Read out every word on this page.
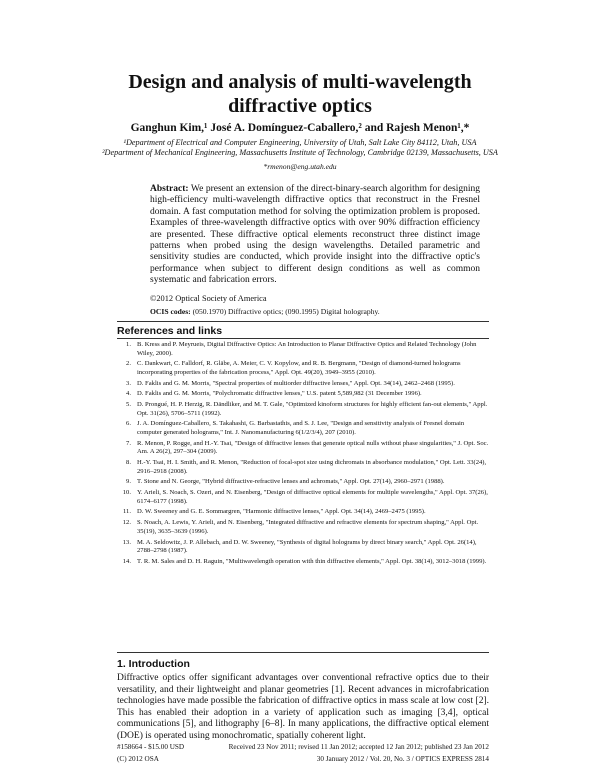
Design and analysis of multi-wavelength
diffractive optics
Ganghun Kim,¹ José A. Domínguez-Caballero,² and Rajesh Menon¹,*
¹Department of Electrical and Computer Engineering, University of Utah, Salt Lake City 84112, Utah, USA
²Department of Mechanical Engineering, Massachusetts Institute of Technology, Cambridge 02139, Massachusetts, USA
*rmenon@eng.utah.edu
Abstract: We present an extension of the direct-binary-search algorithm for designing high-efficiency multi-wavelength diffractive optics that reconstruct in the Fresnel domain. A fast computation method for solving the optimization problem is proposed. Examples of three-wavelength diffractive optics with over 90% diffraction efficiency are presented. These diffractive optical elements reconstruct three distinct image patterns when probed using the design wavelengths. Detailed parametric and sensitivity studies are conducted, which provide insight into the diffractive optic's performance when subject to different design conditions as well as common systematic and fabrication errors.
©2012 Optical Society of America
OCIS codes: (050.1970) Diffractive optics; (090.1995) Digital holography.
References and links
1. B. Kress and P. Meyrueis, Digital Diffractive Optics: An Introduction to Planar Diffractive Optics and Related Technology (John Wiley, 2000).
2. C. Dankwart, C. Falldorf, R. Gläbe, A. Meier, C. V. Kopylow, and R. B. Bergmann, "Design of diamond-turned holograms incorporating properties of the fabrication process," Appl. Opt. 49(20), 3949–3955 (2010).
3. D. Faklis and G. M. Morris, "Spectral properties of multiorder diffractive lenses," Appl. Opt. 34(14), 2462–2468 (1995).
4. D. Faklis and G. M. Morris, "Polychromatic diffractive lenses," U.S. patent 5,589,982 (31 December 1996).
5. D. Prongué, H. P. Herzig, R. Dändliker, and M. T. Gale, "Optimized kinoform structures for highly efficient fan-out elements," Appl. Opt. 31(26), 5706–5711 (1992).
6. J. A. Domínguez-Caballero, S. Takahashi, G. Barbastathis, and S. J. Lee, "Design and sensitivity analysis of Fresnel domain computer generated holograms," Int. J. Nanomanufacturing 6(1/2/3/4), 207 (2010).
7. R. Menon, P. Rogge, and H.-Y. Tsai, "Design of diffractive lenses that generate optical nulls without phase singularities," J. Opt. Soc. Am. A 26(2), 297–304 (2009).
8. H.-Y. Tsai, H. I. Smith, and R. Menon, "Reduction of focal-spot size using dichromats in absorbance modulation," Opt. Lett. 33(24), 2916–2918 (2008).
9. T. Stone and N. George, "Hybrid diffractive-refractive lenses and achromats," Appl. Opt. 27(14), 2960–2971 (1988).
10. Y. Arieli, S. Noach, S. Ozeri, and N. Eisenberg, "Design of diffractive optical elements for multiple wavelengths," Appl. Opt. 37(26), 6174–6177 (1998).
11. D. W. Sweeney and G. E. Sommargren, "Harmonic diffractive lenses," Appl. Opt. 34(14), 2469–2475 (1995).
12. S. Noach, A. Lewis, Y. Arieli, and N. Eisenberg, "Integrated diffractive and refractive elements for spectrum shaping," Appl. Opt. 35(19), 3635–3639 (1996).
13. M. A. Seldowitz, J. P. Allebach, and D. W. Sweeney, "Synthesis of digital holograms by direct binary search," Appl. Opt. 26(14), 2788–2798 (1987).
14. T. R. M. Sales and D. H. Raguin, "Multiwavelength operation with thin diffractive elements," Appl. Opt. 38(14), 3012–3018 (1999).
1. Introduction
Diffractive optics offer significant advantages over conventional refractive optics due to their versatility, and their lightweight and planar geometries [1]. Recent advances in microfabrication technologies have made possible the fabrication of diffractive optics in mass scale at low cost [2]. This has enabled their adoption in a variety of application such as imaging [3,4], optical communications [5], and lithography [6–8]. In many applications, the diffractive optical element (DOE) is operated using monochromatic, spatially coherent light.
#158664 - $15.00 USD	Received 23 Nov 2011; revised 11 Jan 2012; accepted 12 Jan 2012; published 23 Jan 2012
(C) 2012 OSA	30 January 2012 / Vol. 20, No. 3 / OPTICS EXPRESS 2814
